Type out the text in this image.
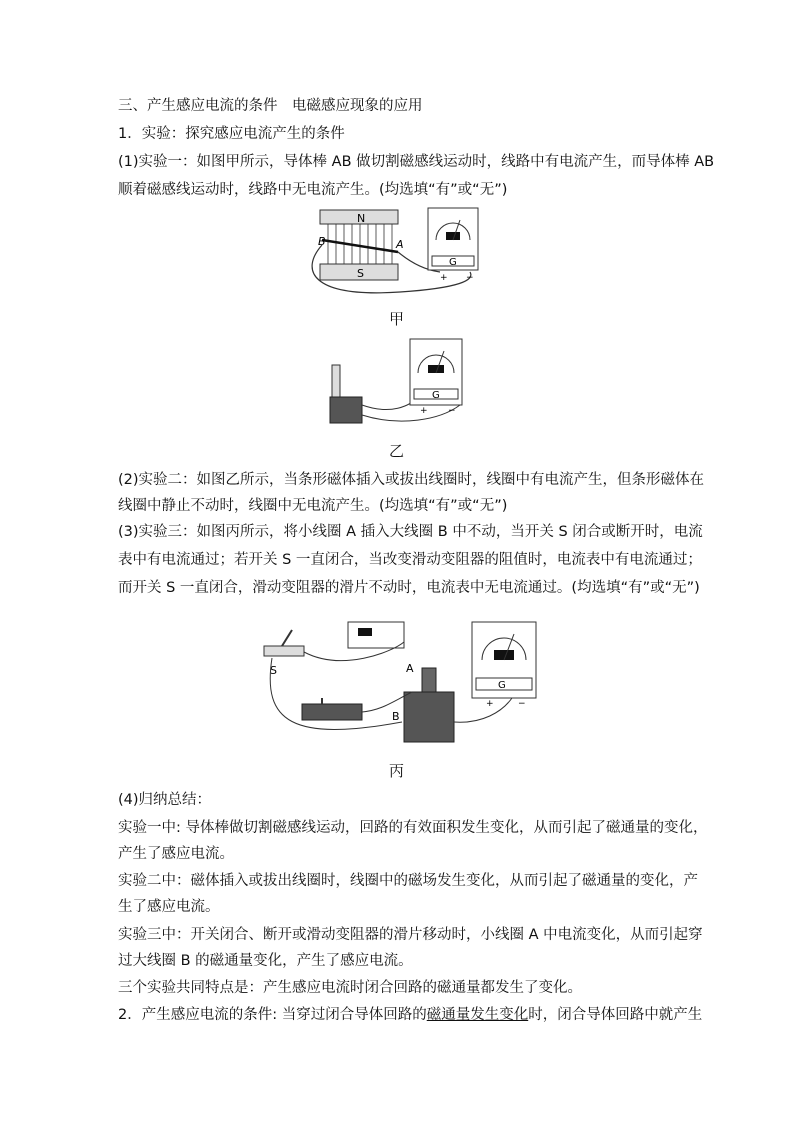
三、产生感应电流的条件　电磁感应现象的应用
1．实验：探究感应电流产生的条件
(1)实验一：如图甲所示，导体棒 AB 做切割磁感线运动时，线路中有电流产生，而导体棒 AB
顺着磁感线运动时，线路中无电流产生。(均选填“有”或“无”)
N
S
B	A
G
+ −
甲
G
+ −
乙
(2)实验二：如图乙所示，当条形磁体插入或拔出线圈时，线圈中有电流产生，但条形磁体在
线圈中静止不动时，线圈中无电流产生。(均选填“有”或“无”)
(3)实验三：如图丙所示，将小线圈 A 插入大线圈 B 中不动，当开关 S 闭合或断开时，电流
表中有电流通过；若开关 S 一直闭合，当改变滑动变阻器的阻值时，电流表中有电流通过；
而开关 S 一直闭合，滑动变阻器的滑片不动时，电流表中无电流通过。(均选填“有”或“无”)
S	A
B
G
+	−
丙
(4)归纳总结：
实验一中: 导体棒做切割磁感线运动，回路的有效面积发生变化，从而引起了磁通量的变化，
产生了感应电流。
实验二中：磁体插入或拔出线圈时，线圈中的磁场发生变化，从而引起了磁通量的变化，产
生了感应电流。
实验三中：开关闭合、断开或滑动变阻器的滑片移动时，小线圈 A 中电流变化，从而引起穿
过大线圈 B 的磁通量变化，产生了感应电流。
三个实验共同特点是：产生感应电流时闭合回路的磁通量都发生了变化。
2．产生感应电流的条件: 当穿过闭合导体回路的磁通量发生变化时，闭合导体回路中就产生
